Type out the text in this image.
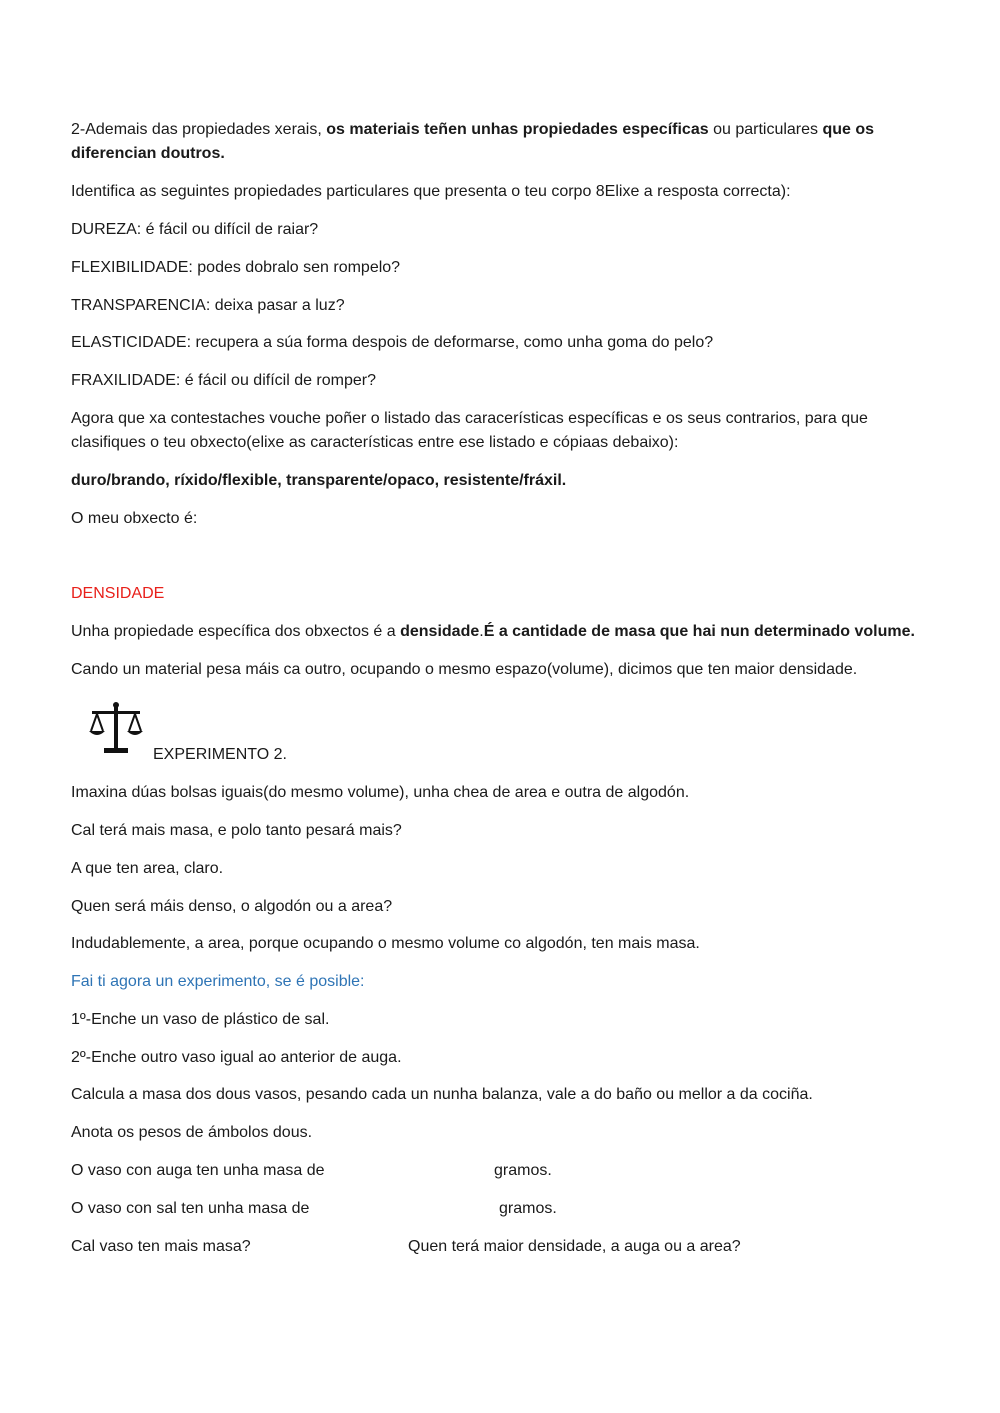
2-Ademais das propiedades xerais, os materiais teñen unhas propiedades específicas ou particulares que os
diferencian doutros.
Identifica as seguintes propiedades particulares que presenta o teu corpo 8Elixe a resposta correcta):
DUREZA: é fácil ou difícil de raiar?
FLEXIBILIDADE: podes dobralo sen rompelo?
TRANSPARENCIA: deixa pasar a luz?
ELASTICIDADE: recupera a súa forma despois de deformarse, como unha goma do pelo?
FRAXILIDADE: é fácil ou difícil de romper?
Agora que xa contestaches vouche poñer o listado das caracerísticas específicas e os seus contrarios, para que
clasifiques o teu obxecto(elixe as características entre ese listado e cópiaas debaixo):
duro/brando, ríxido/flexible, transparente/opaco, resistente/fráxil.
O meu obxecto é:
DENSIDADE
Unha propiedade específica dos obxectos é a densidade.É a cantidade de masa que hai nun determinado volume.
Cando un material pesa máis ca outro, ocupando o mesmo espazo(volume), dicimos que ten maior densidade.
EXPERIMENTO 2.
Imaxina dúas bolsas iguais(do mesmo volume), unha chea de area e outra de algodón.
Cal terá mais masa, e polo tanto pesará mais?
A que ten area, claro.
Quen será máis denso, o algodón ou a area?
Indudablemente, a area, porque ocupando o mesmo volume co algodón, ten mais masa.
Fai ti agora un experimento, se é posible:
1º-Enche un vaso de plástico de sal.
2º-Enche outro vaso igual ao anterior de auga.
Calcula a masa dos dous vasos, pesando cada un nunha balanza, vale a do baño ou mellor a da cociña.
Anota os pesos de ámbolos dous.
O vaso con auga ten unha masa de	gramos.
O vaso con sal ten unha masa de	gramos.
Cal vaso ten mais masa?	Quen terá maior densidade, a auga ou a area?
